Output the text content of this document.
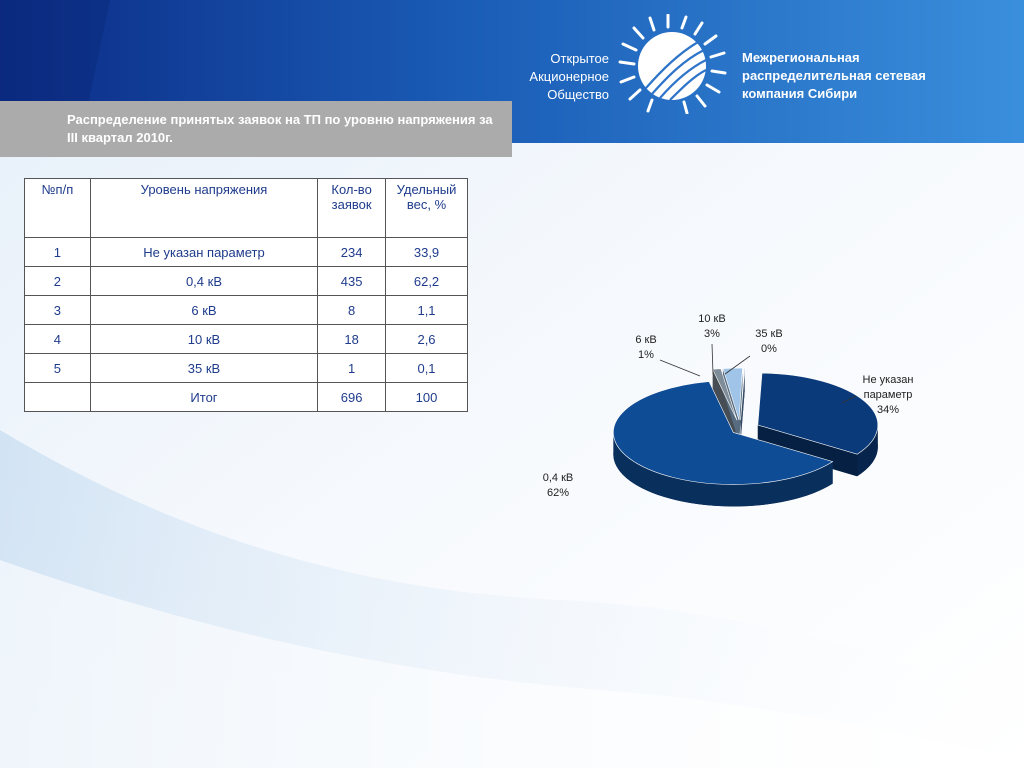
Открытое
Акционерное
Общество
Межрегиональная
распределительная сетевая
компания Сибири
Распределение принятых заявок на ТП по уровню напряжения за III квартал 2010г.
№п/п	Уровень напряжения	Кол-во заявок	Удельный вес, %
1	Не указан параметр	234	33,9
2	0,4 кВ	435	62,2
3	6 кВ	8	1,1
4	10 кВ	18	2,6
5	35 кВ	1	0,1
	Итог	696	100
Не указан
параметр
34%
0,4 кВ
62%
6 кВ
1%
10 кВ
3%	35 кВ
0%
